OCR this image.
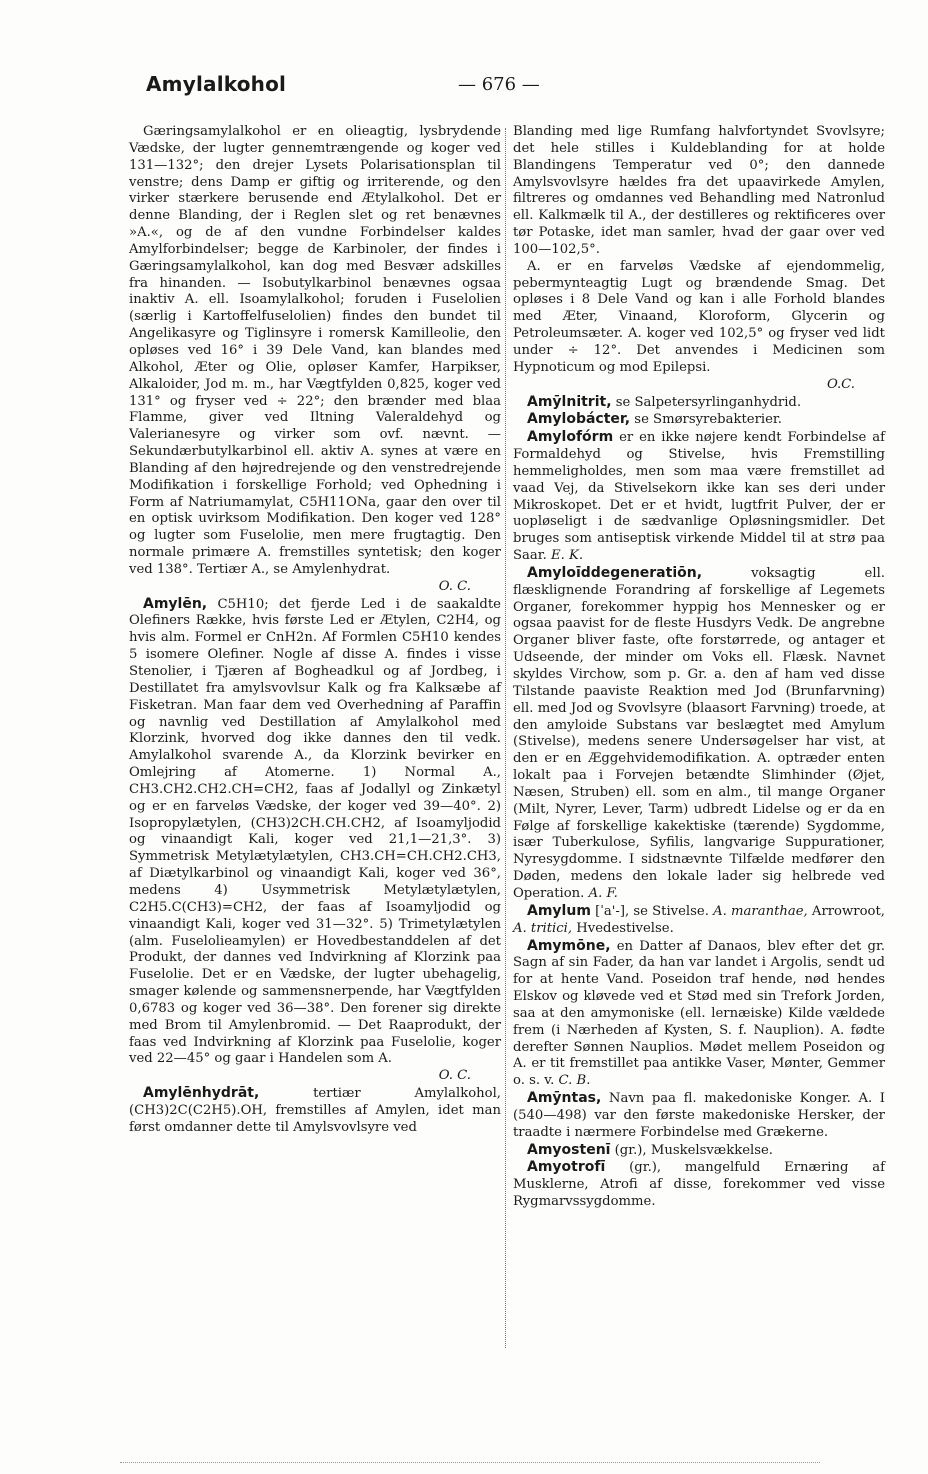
Amylalkohol	— 676 —

Gæringsamylalkohol er en olieagtig, lysbrydende Vædske, der lugter gennemtrængende og koger ved 131—132°; den drejer Lysets Polarisationsplan til venstre; dens Damp er giftig og irriterende, og den virker stærkere berusende end Ætylalkohol. Det er denne Blanding, der i Reglen slet og ret benævnes »A.«, og de af den vundne Forbindelser kaldes Amylforbindelser; begge de Karbinoler, der findes i Gæringsamylalkohol, kan dog med Besvær adskilles fra hinanden. — Isobutylkarbinol benævnes ogsaa inaktiv A. ell. Isoamylalkohol; foruden i Fuselolien (særlig i Kartoffelfuselolien) findes den bundet til Angelikasyre og Tiglinsyre i romersk Kamilleolie, den opløses ved 16° i 39 Dele Vand, kan blandes med Alkohol, Æter og Olie, opløser Kamfer, Harpikser, Alkaloider, Jod m. m., har Vægtfylden 0,825, koger ved 131° og fryser ved ÷ 22°; den brænder med blaa Flamme, giver ved Iltning Valeraldehyd og Valerianesyre og virker som ovf. nævnt. — Sekundærbutylkarbinol ell. aktiv A. synes at være en Blanding af den højredrejende og den venstredrejende Modifikation i forskellige Forhold; ved Ophedning i Form af Natriumamylat, C5H11ONa, gaar den over til en optisk uvirksom Modifikation. Den koger ved 128° og lugter som Fuselolie, men mere frugtagtig. Den normale primære A. fremstilles syntetisk; den koger ved 138°. Tertiær A., se Amylenhydrat.

O. C.

Amylēn, C5H10; det fjerde Led i de saakaldte Olefiners Række, hvis første Led er Ætylen, C2H4, og hvis alm. Formel er CnH2n. Af Formlen C5H10 kendes 5 isomere Olefiner. Nogle af disse A. findes i visse Stenolier, i Tjæren af Bogheadkul og af Jordbeg, i Destillatet fra amylsvovlsur Kalk og fra Kalksæbe af Fisketran. Man faar dem ved Overhedning af Paraffin og navnlig ved Destillation af Amylalkohol med Klorzink, hvorved dog ikke dannes den til vedk. Amylalkohol svarende A., da Klorzink bevirker en Omlejring af Atomerne. 1) Normal A., CH3.CH2.CH2.CH=CH2, faas af Jodallyl og Zinkætyl og er en farveløs Vædske, der koger ved 39—40°. 2) Isopropylætylen, (CH3)2CH.CH.CH2, af Isoamyljodid og vinaandigt Kali, koger ved 21,1—21,3°. 3) Symmetrisk Metylætylætylen, CH3.CH=CH.CH2.CH3, af Diætylkarbinol og vinaandigt Kali, koger ved 36°, medens 4) Usymmetrisk Metylætylætylen, C2H5.C(CH3)=CH2, der faas af Isoamyljodid og vinaandigt Kali, koger ved 31—32°. 5) Trimetylætylen (alm. Fuselolieamylen) er Hovedbestanddelen af det Produkt, der dannes ved Indvirkning af Klorzink paa Fuselolie. Det er en Vædske, der lugter ubehagelig, smager kølende og sammensnerpende, har Vægtfylden 0,6783 og koger ved 36—38°. Den forener sig direkte med Brom til Amylenbromid. — Det Raaprodukt, der faas ved Indvirkning af Klorzink paa Fuselolie, koger ved 22—45° og gaar i Handelen som A.

O. C.

Amylēnhydrāt,	tertiær Amylalkohol, (CH3)2C(C2H5).OH, fremstilles af Amylen, idet man først omdanner dette til Amylsvovlsyre ved

Blanding med lige Rumfang halvfortyndet Svovlsyre; det hele stilles i Kuldeblanding for at holde Blandingens Temperatur ved 0°; den dannede Amylsvovlsyre hældes fra det upaavirkede Amylen, filtreres og omdannes ved Behandling med Natronlud ell. Kalkmælk til A., der destilleres og rektificeres over tør Potaske, idet man samler, hvad der gaar over ved 100—102,5°.

A. er en farveløs Vædske af ejendommelig, pebermynteagtig Lugt og brændende Smag. Det opløses i 8 Dele Vand og kan i alle Forhold blandes med Æter, Vinaand, Kloroform, Glycerin og Petroleumsæter. A. koger ved 102,5° og fryser ved lidt under ÷ 12°. Det anvendes i Medicinen som Hypnoticum og mod Epilepsi.

O.C.

Amȳlnitrit, se Salpetersyrlinganhydrid.

Amylobácter, se Smørsyrebakterier.

Amylofórm er en ikke nøjere kendt Forbindelse af Formaldehyd og Stivelse, hvis Fremstilling hemmeligholdes, men som maa være fremstillet ad vaad Vej, da Stivelsekorn ikke kan ses deri under Mikroskopet. Det er et hvidt, lugtfrit Pulver, der er uopløseligt i de sædvanlige Opløsningsmidler. Det bruges som antiseptisk virkende Middel til at strø paa Saar. E. K.

Amyloīddegeneratiōn,	voksagtig ell. flæsklignende Forandring af forskellige af Legemets Organer, forekommer hyppig hos Mennesker og er ogsaa paavist for de fleste Husdyrs Vedk. De angrebne Organer bliver faste, ofte forstørrede, og antager et Udseende, der minder om Voks ell. Flæsk. Navnet skyldes Virchow, som p. Gr. a. den af ham ved disse Tilstande paaviste Reaktion med Jod (Brunfarvning) ell. med Jod og Svovlsyre (blaasort Farvning) troede, at den amyloide Substans var beslægtet med Amylum (Stivelse), medens senere Undersøgelser har vist, at den er en Æggehvidemodifikation. A. optræder enten lokalt paa i Forvejen betændte Slimhinder (Øjet, Næsen, Struben) ell. som en alm., til mange Organer (Milt, Nyrer, Lever, Tarm) udbredt Lidelse og er da en Følge af forskellige kakektiske (tærende) Sygdomme, især Tuberkulose, Syfilis, langvarige Suppurationer, Nyresygdomme. I sidstnævnte Tilfælde medfører den Døden, medens den lokale lader sig helbrede ved Operation. A. F.

Amylum [ˈa'-], se Stivelse. A. maranthae, Arrowroot, A. tritici, Hvedestivelse.

Amymōne, en Datter af Danaos, blev efter det gr. Sagn af sin Fader, da han var landet i Argolis, sendt ud for at hente Vand. Poseidon traf hende, nød hendes Elskov og kløvede ved et Stød med sin Trefork Jorden, saa at den amymoniske (ell. lernæiske) Kilde vældede frem (i Nærheden af Kysten, S. f. Nauplion). A. fødte derefter Sønnen Nauplios. Mødet mellem Poseidon og A. er tit fremstillet paa antikke Vaser, Mønter, Gemmer o. s. v. C. B.

Amȳntas, Navn paa fl. makedoniske Konger. A. I (540—498) var den første makedoniske Hersker, der traadte i nærmere Forbindelse med Grækerne.

Amyostenī (gr.), Muskelsvækkelse.

Amyotrofī (gr.), mangelfuld Ernæring af Musklerne, Atrofi af disse, forekommer ved visse Rygmarvssygdomme.
